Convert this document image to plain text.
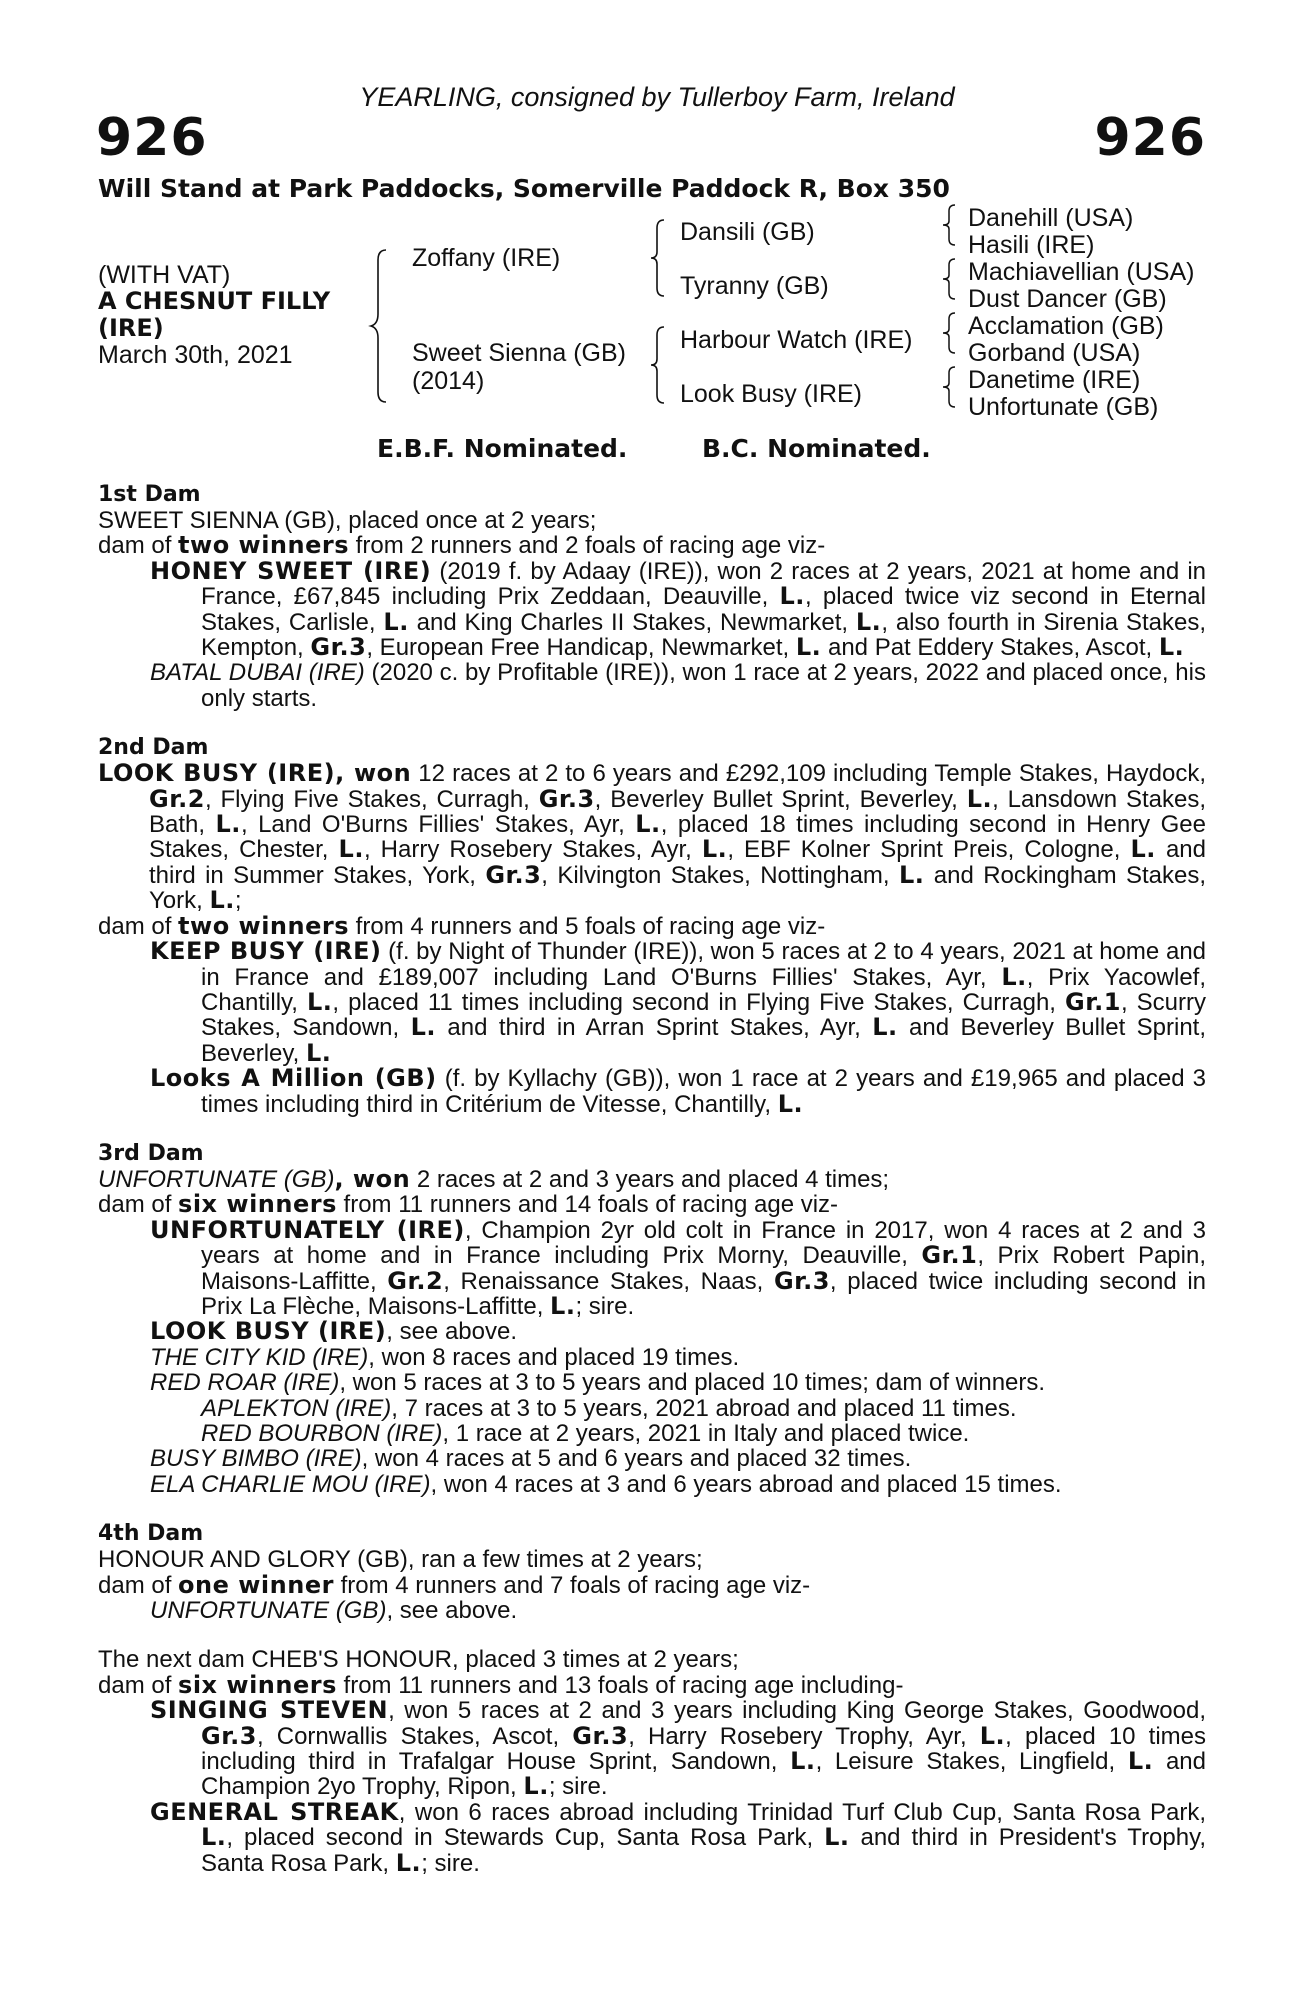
YEARLING, consigned by Tullerboy Farm, Ireland
926	926
Will Stand at Park Paddocks, Somerville Paddock R, Box 350
(WITH VAT)
A CHESNUT FILLY
(IRE)
March 30th, 2021
Zoffany (IRE)
Sweet Sienna (GB)
(2014)
Dansili (GB)
Tyranny (GB)
Harbour Watch (IRE)
Look Busy (IRE)
Danehill (USA)
Hasili (IRE)
Machiavellian (USA)
Dust Dancer (GB)
Acclamation (GB)
Gorband (USA)
Danetime (IRE)
Unfortunate (GB)
E.B.F. Nominated.	B.C. Nominated.
1st Dam
SWEET SIENNA (GB), placed once at 2 years;
dam of two winners from 2 runners and 2 foals of racing age viz-
HONEY SWEET (IRE) (2019 f. by Adaay (IRE)), won 2 races at 2 years, 2021 at home and in France, £67,845 including Prix Zeddaan, Deauville, L., placed twice viz second in Eternal Stakes, Carlisle, L. and King Charles II Stakes, Newmarket, L., also fourth in Sirenia Stakes, Kempton, Gr.3, European Free Handicap, Newmarket, L. and Pat Eddery Stakes, Ascot, L.
BATAL DUBAI (IRE) (2020 c. by Profitable (IRE)), won 1 race at 2 years, 2022 and placed once, his only starts.
2nd Dam
LOOK BUSY (IRE), won 12 races at 2 to 6 years and £292,109 including Temple Stakes, Haydock, Gr.2, Flying Five Stakes, Curragh, Gr.3, Beverley Bullet Sprint, Beverley, L., Lansdown Stakes, Bath, L., Land O'Burns Fillies' Stakes, Ayr, L., placed 18 times including second in Henry Gee Stakes, Chester, L., Harry Rosebery Stakes, Ayr, L., EBF Kolner Sprint Preis, Cologne, L. and third in Summer Stakes, York, Gr.3, Kilvington Stakes, Nottingham, L. and Rockingham Stakes, York, L.;
dam of two winners from 4 runners and 5 foals of racing age viz-
KEEP BUSY (IRE) (f. by Night of Thunder (IRE)), won 5 races at 2 to 4 years, 2021 at home and in France and £189,007 including Land O'Burns Fillies' Stakes, Ayr, L., Prix Yacowlef, Chantilly, L., placed 11 times including second in Flying Five Stakes, Curragh, Gr.1, Scurry Stakes, Sandown, L. and third in Arran Sprint Stakes, Ayr, L. and Beverley Bullet Sprint, Beverley, L.
Looks A Million (GB) (f. by Kyllachy (GB)), won 1 race at 2 years and £19,965 and placed 3 times including third in Critérium de Vitesse, Chantilly, L.
3rd Dam
UNFORTUNATE (GB), won 2 races at 2 and 3 years and placed 4 times;
dam of six winners from 11 runners and 14 foals of racing age viz-
UNFORTUNATELY (IRE), Champion 2yr old colt in France in 2017, won 4 races at 2 and 3 years at home and in France including Prix Morny, Deauville, Gr.1, Prix Robert Papin, Maisons-Laffitte, Gr.2, Renaissance Stakes, Naas, Gr.3, placed twice including second in Prix La Flèche, Maisons-Laffitte, L.; sire.
LOOK BUSY (IRE), see above.
THE CITY KID (IRE), won 8 races and placed 19 times.
RED ROAR (IRE), won 5 races at 3 to 5 years and placed 10 times; dam of winners.
APLEKTON (IRE), 7 races at 3 to 5 years, 2021 abroad and placed 11 times.
RED BOURBON (IRE), 1 race at 2 years, 2021 in Italy and placed twice.
BUSY BIMBO (IRE), won 4 races at 5 and 6 years and placed 32 times.
ELA CHARLIE MOU (IRE), won 4 races at 3 and 6 years abroad and placed 15 times.
4th Dam
HONOUR AND GLORY (GB), ran a few times at 2 years;
dam of one winner from 4 runners and 7 foals of racing age viz-
UNFORTUNATE (GB), see above.
The next dam CHEB'S HONOUR, placed 3 times at 2 years;
dam of six winners from 11 runners and 13 foals of racing age including-
SINGING STEVEN, won 5 races at 2 and 3 years including King George Stakes, Goodwood, Gr.3, Cornwallis Stakes, Ascot, Gr.3, Harry Rosebery Trophy, Ayr, L., placed 10 times including third in Trafalgar House Sprint, Sandown, L., Leisure Stakes, Lingfield, L. and Champion 2yo Trophy, Ripon, L.; sire.
GENERAL STREAK, won 6 races abroad including Trinidad Turf Club Cup, Santa Rosa Park, L., placed second in Stewards Cup, Santa Rosa Park, L. and third in President's Trophy, Santa Rosa Park, L.; sire.
